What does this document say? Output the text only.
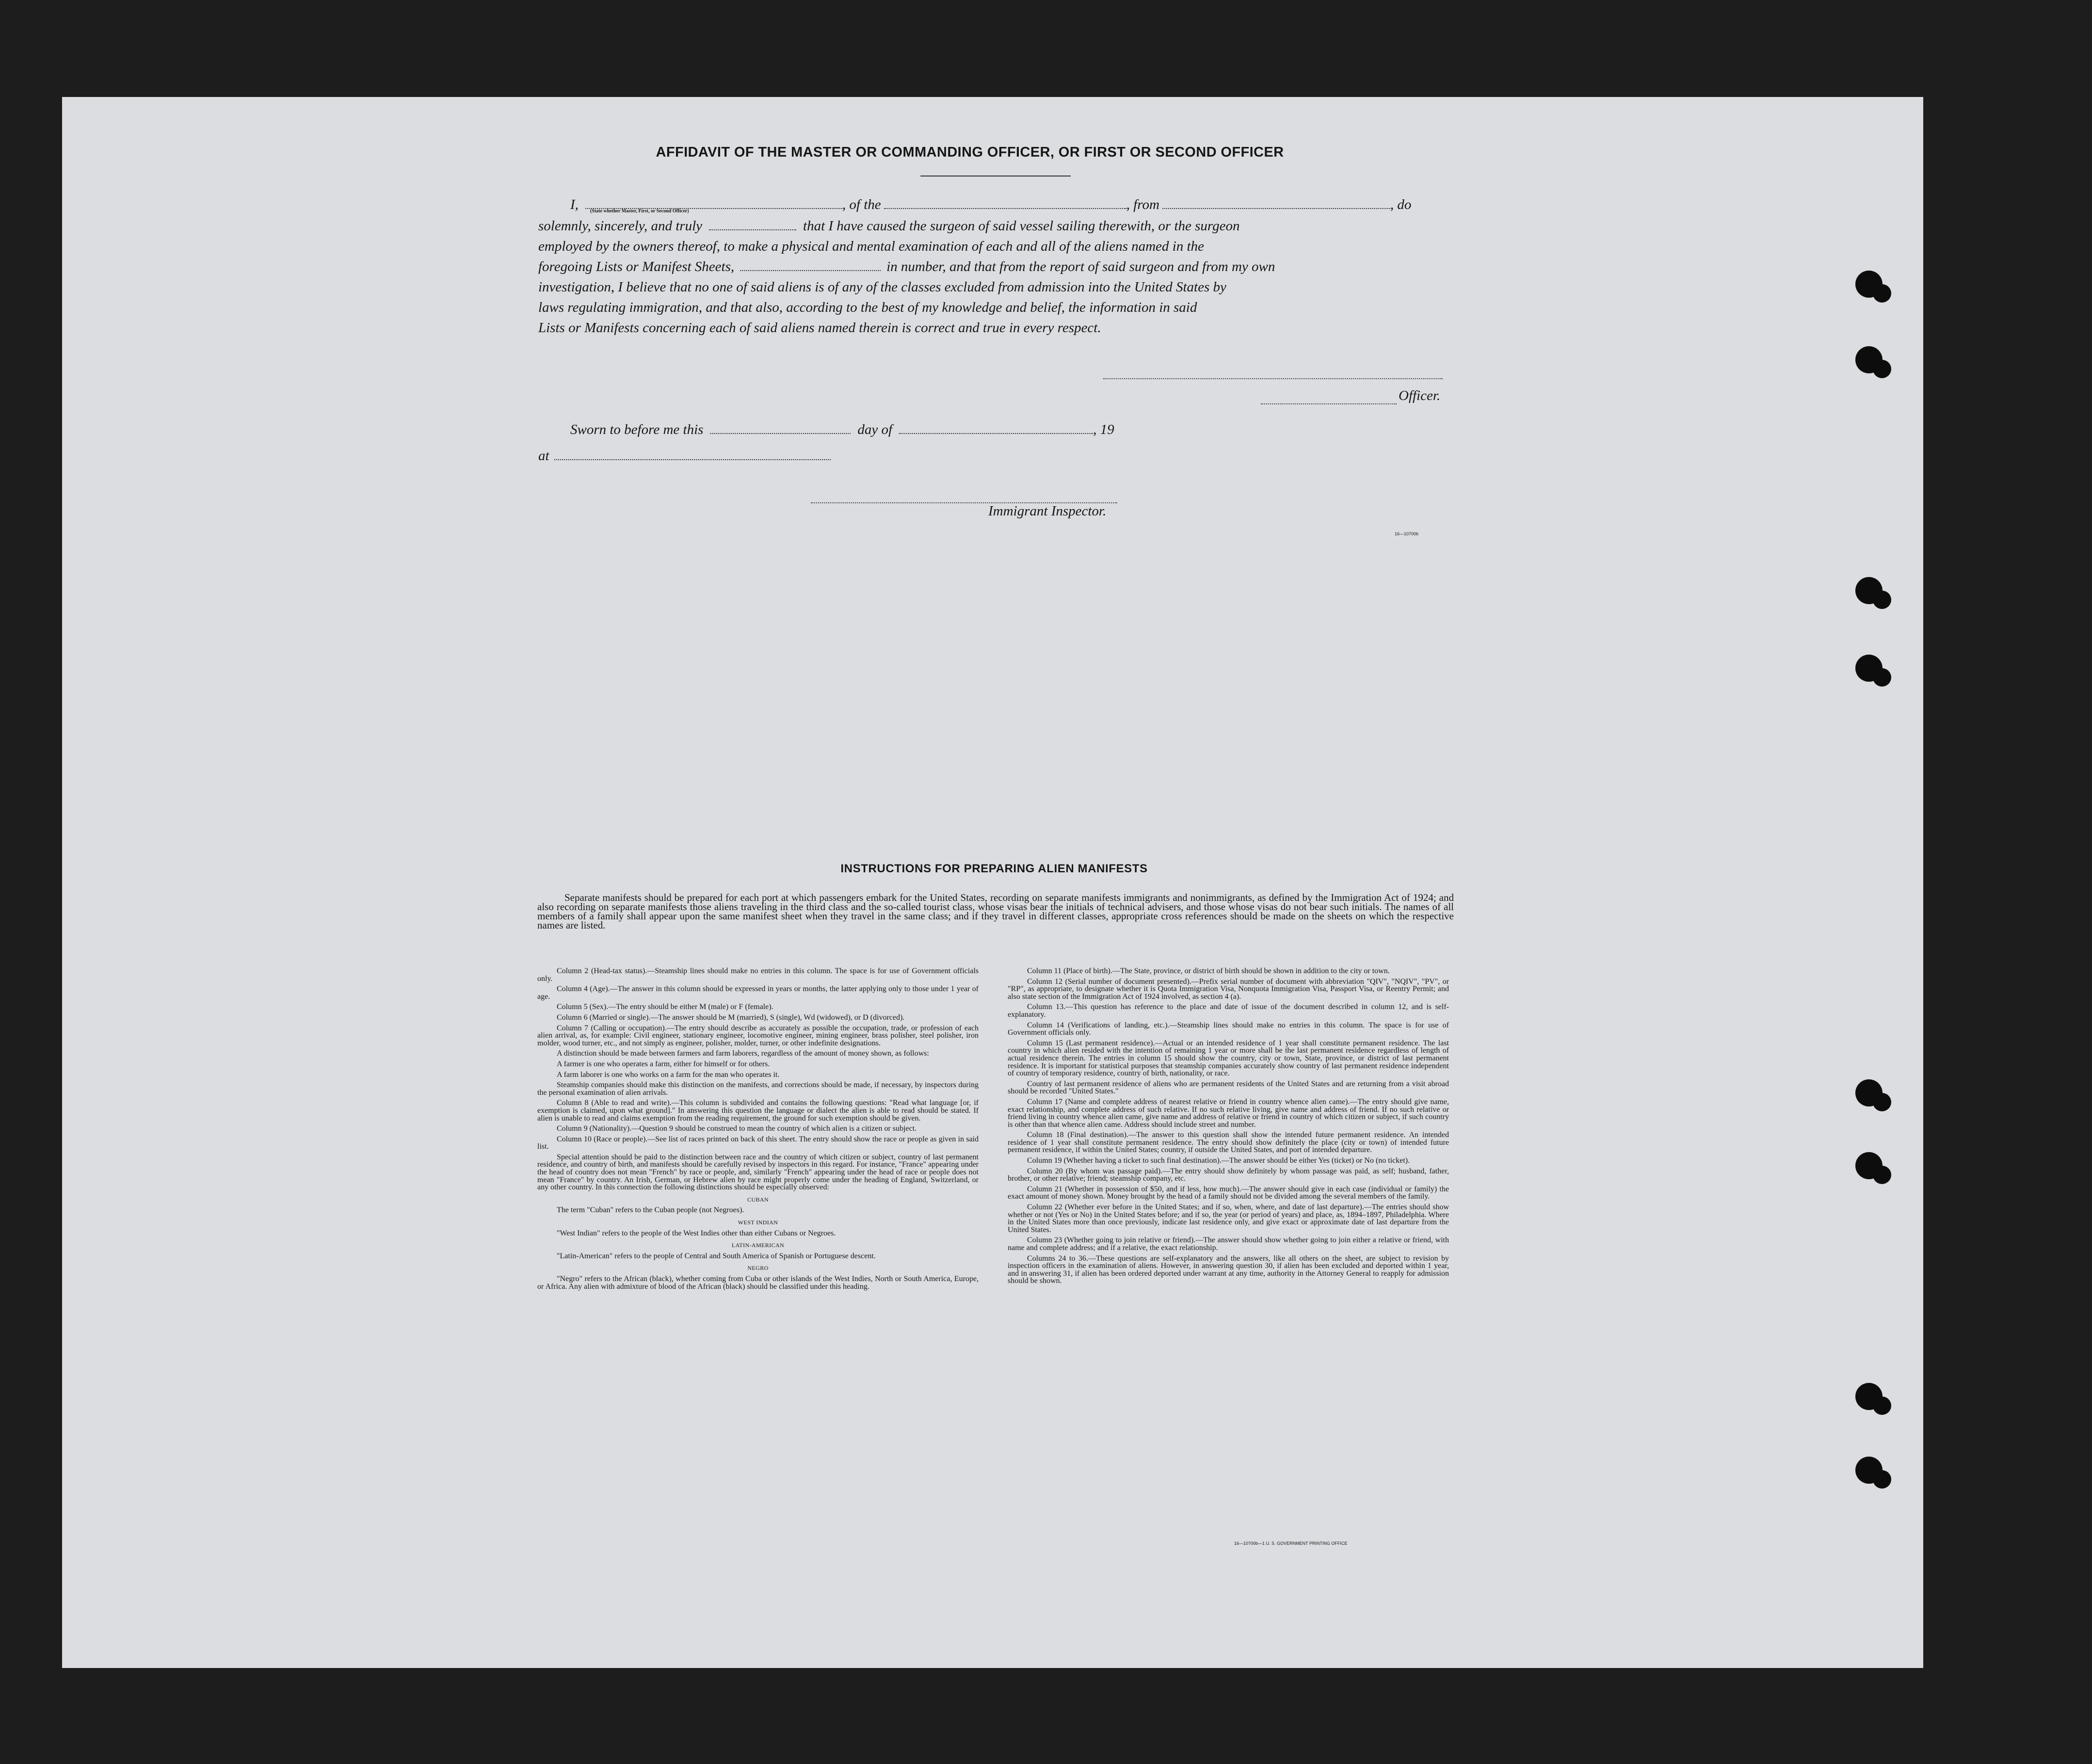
AFFIDAVIT OF THE MASTER OR COMMANDING OFFICER, OR FIRST OR SECOND OFFICER
I, (State whether Master, First, or Second Officer)	, of the	, from	, do
solemnly, sincerely, and truly	that I have caused the surgeon of said vessel sailing therewith, or the surgeon
employed by the owners thereof, to make a physical and mental examination of each and all of the aliens named in the
foregoing Lists or Manifest Sheets,	in number, and that from the report of said surgeon and from my own
investigation, I believe that no one of said aliens is of any of the classes excluded from admission into the United States by
laws regulating immigration, and that also, according to the best of my knowledge and belief, the information in said
Lists or Manifests concerning each of said aliens named therein is correct and true in every respect.
Officer.
Sworn to before me this	day of	, 19
at
Immigrant Inspector.
16—10700b
INSTRUCTIONS FOR PREPARING ALIEN MANIFESTS

Separate manifests should be prepared for each port at which passengers embark for the United States, recording on separate manifests immigrants and nonimmigrants, as defined by the Immigration Act of 1924; and also recording on separate manifests those aliens traveling in the third class and the so-called tourist class, whose visas bear the initials of technical advisers, and those whose visas do not bear such initials. The names of all members of a family shall appear upon the same manifest sheet when they travel in the same class; and if they travel in different classes, appropriate cross references should be made on the sheets on which the respective names are listed.

Column 2 (Head-tax status).—Steamship lines should make no entries in this column. The space is for use of Government officials only.

Column 4 (Age).—The answer in this column should be expressed in years or months, the latter applying only to those under 1 year of age.

Column 5 (Sex).—The entry should be either M (male) or F (female).

Column 6 (Married or single).—The answer should be M (married), S (single), Wd (widowed), or D (divorced).

Column 7 (Calling or occupation).—The entry should describe as accurately as possible the occupation, trade, or profession of each alien arrival, as, for example: Civil engineer, stationary engineer, locomotive engineer, mining engineer, brass polisher, steel polisher, iron molder, wood turner, etc., and not simply as engineer, polisher, molder, turner, or other indefinite designations.

A distinction should be made between farmers and farm laborers, regardless of the amount of money shown, as follows:

A farmer is one who operates a farm, either for himself or for others.

A farm laborer is one who works on a farm for the man who operates it.

Steamship companies should make this distinction on the manifests, and corrections should be made, if necessary, by inspectors during the personal examination of alien arrivals.

Column 8 (Able to read and write).—This column is subdivided and contains the following questions: "Read what language [or, if exemption is claimed, upon what ground]." In answering this question the language or dialect the alien is able to read should be stated. If alien is unable to read and claims exemption from the reading requirement, the ground for such exemption should be given.

Column 9 (Nationality).—Question 9 should be construed to mean the country of which alien is a citizen or subject.

Column 10 (Race or people).—See list of races printed on back of this sheet. The entry should show the race or people as given in said list.

Special attention should be paid to the distinction between race and the country of which citizen or subject, country of last permanent residence, and country of birth, and manifests should be carefully revised by inspectors in this regard. For instance, "France" appearing under the head of country does not mean "French" by race or people, and, similarly "French" appearing under the head of race or people does not mean "France" by country. An Irish, German, or Hebrew alien by race might properly come under the heading of England, Switzerland, or any other country. In this connection the following distinctions should be especially observed:

CUBAN

The term "Cuban" refers to the Cuban people (not Negroes).

WEST INDIAN

"West Indian" refers to the people of the West Indies other than either Cubans or Negroes.

LATIN-AMERICAN

"Latin-American" refers to the people of Central and South America of Spanish or Portuguese descent.

NEGRO

"Negro" refers to the African (black), whether coming from Cuba or other islands of the West Indies, North or South America, Europe, or Africa. Any alien with admixture of blood of the African (black) should be classified under this heading.

Column 11 (Place of birth).—The State, province, or district of birth should be shown in addition to the city or town.

Column 12 (Serial number of document presented).—Prefix serial number of document with abbreviation "QIV", "NQIV", "PV", or "RP", as appropriate, to designate whether it is Quota Immigration Visa, Nonquota Immigration Visa, Passport Visa, or Reentry Permit; and also state section of the Immigration Act of 1924 involved, as section 4 (a).

Column 13.—This question has reference to the place and date of issue of the document described in column 12, and is self-explanatory.

Column 14 (Verifications of landing, etc.).—Steamship lines should make no entries in this column. The space is for use of Government officials only.

Column 15 (Last permanent residence).—Actual or an intended residence of 1 year shall constitute permanent residence. The last country in which alien resided with the intention of remaining 1 year or more shall be the last permanent residence regardless of length of actual residence therein. The entries in column 15 should show the country, city or town, State, province, or district of last permanent residence. It is important for statistical purposes that steamship companies accurately show country of last permanent residence independent of country of temporary residence, country of birth, nationality, or race.

Country of last permanent residence of aliens who are permanent residents of the United States and are returning from a visit abroad should be recorded "United States."

Column 17 (Name and complete address of nearest relative or friend in country whence alien came).—The entry should give name, exact relationship, and complete address of such relative. If no such relative living, give name and address of friend. If no such relative or friend living in country whence alien came, give name and address of relative or friend in country of which citizen or subject, if such country is other than that whence alien came. Address should include street and number.

Column 18 (Final destination).—The answer to this question shall show the intended future permanent residence. An intended residence of 1 year shall constitute permanent residence. The entry should show definitely the place (city or town) of intended future permanent residence, if within the United States; country, if outside the United States, and port of intended departure.

Column 19 (Whether having a ticket to such final destination).—The answer should be either Yes (ticket) or No (no ticket).

Column 20 (By whom was passage paid).—The entry should show definitely by whom passage was paid, as self; husband, father, brother, or other relative; friend; steamship company, etc.

Column 21 (Whether in possession of $50, and if less, how much).—The answer should give in each case (individual or family) the exact amount of money shown. Money brought by the head of a family should not be divided among the several members of the family.

Column 22 (Whether ever before in the United States; and if so, when, where, and date of last departure).—The entries should show whether or not (Yes or No) in the United States before; and if so, the year (or period of years) and place, as, 1894–1897, Philadelphia. Where in the United States more than once previously, indicate last residence only, and give exact or approximate date of last departure from the United States.

Column 23 (Whether going to join relative or friend).—The answer should show whether going to join either a relative or friend, with name and complete address; and if a relative, the exact relationship.

Columns 24 to 36.—These questions are self-explanatory and the answers, like all others on the sheet, are subject to revision by inspection officers in the examination of aliens. However, in answering question 30, if alien has been excluded and deported within 1 year, and in answering 31, if alien has been ordered deported under warrant at any time, authority in the Attorney General to reapply for admission should be shown.

16—10700b—1 U. S. GOVERNMENT PRINTING OFFICE
